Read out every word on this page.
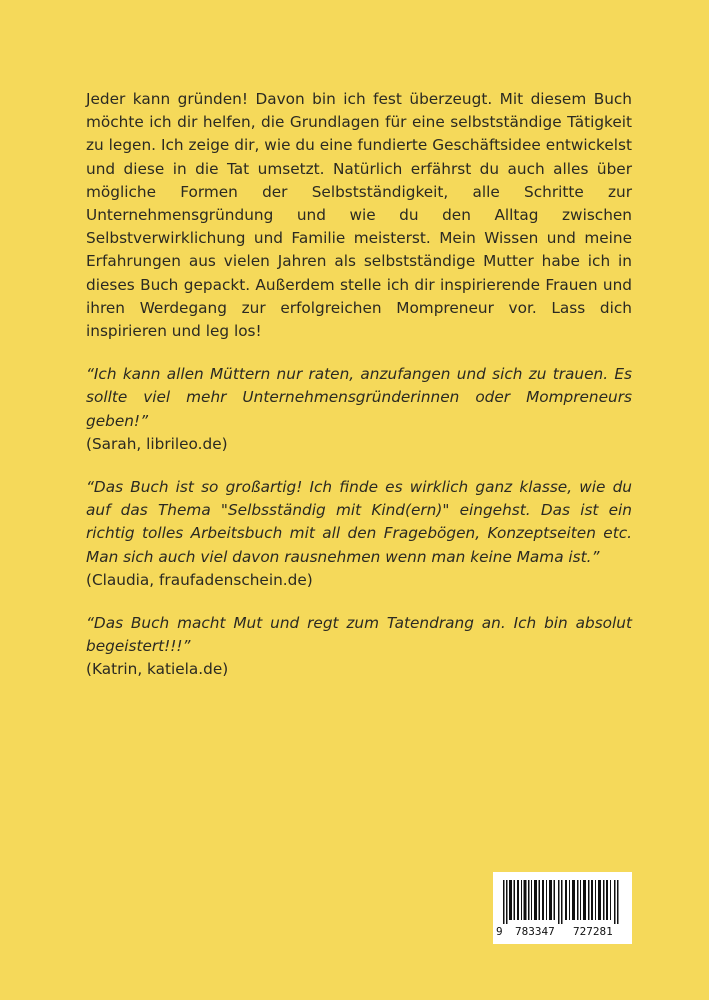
Jeder kann gründen! Davon bin ich fest überzeugt. Mit diesem Buch möchte ich dir helfen, die Grundlagen für eine selbstständige Tätigkeit zu legen. Ich zeige dir, wie du eine fundierte Geschäftsidee entwickelst und diese in die Tat umsetzt. Natürlich erfährst du auch alles über mögliche Formen der Selbstständigkeit, alle Schritte zur Unternehmensgründung und wie du den Alltag zwischen Selbstverwirklichung und Familie meisterst. Mein Wissen und meine Erfahrungen aus vielen Jahren als selbstständige Mutter habe ich in dieses Buch gepackt. Außerdem stelle ich dir inspirierende Frauen und ihren Werdegang zur erfolgreichen Mompreneur vor. Lass dich inspirieren und leg los!

“Ich kann allen Müttern nur raten, anzufangen und sich zu trauen. Es sollte viel mehr Unternehmensgründerinnen oder Mompreneurs geben!”
(Sarah, librileo.de)
“Das Buch ist so großartig! Ich finde es wirklich ganz klasse, wie du auf das Thema "Selbsständig mit Kind(ern)" eingehst. Das ist ein richtig tolles Arbeitsbuch mit all den Fragebögen, Konzeptseiten etc. Man sich auch viel davon rausnehmen wenn man keine Mama ist.”
(Claudia, fraufadenschein.de)
“Das Buch macht Mut und regt zum Tatendrang an. Ich bin absolut begeistert!!!”
(Katrin, katiela.de)
9 783347 727281
